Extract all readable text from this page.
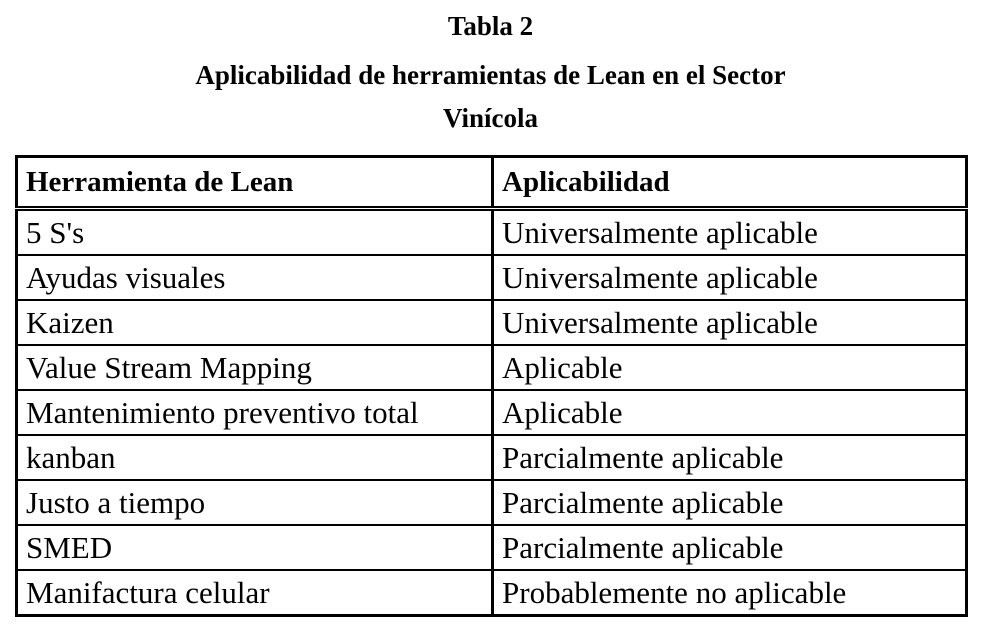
Tabla 2
Aplicabilidad de herramientas de Lean en el Sector
Vinícola
Herramienta de Lean	Aplicabilidad
5 S's	Universalmente aplicable
Ayudas visuales	Universalmente aplicable
Kaizen	Universalmente aplicable
Value Stream Mapping	Aplicable
Mantenimiento preventivo total	Aplicable
kanban	Parcialmente aplicable
Justo a tiempo	Parcialmente aplicable
SMED	Parcialmente aplicable
Manifactura celular	Probablemente no aplicable
